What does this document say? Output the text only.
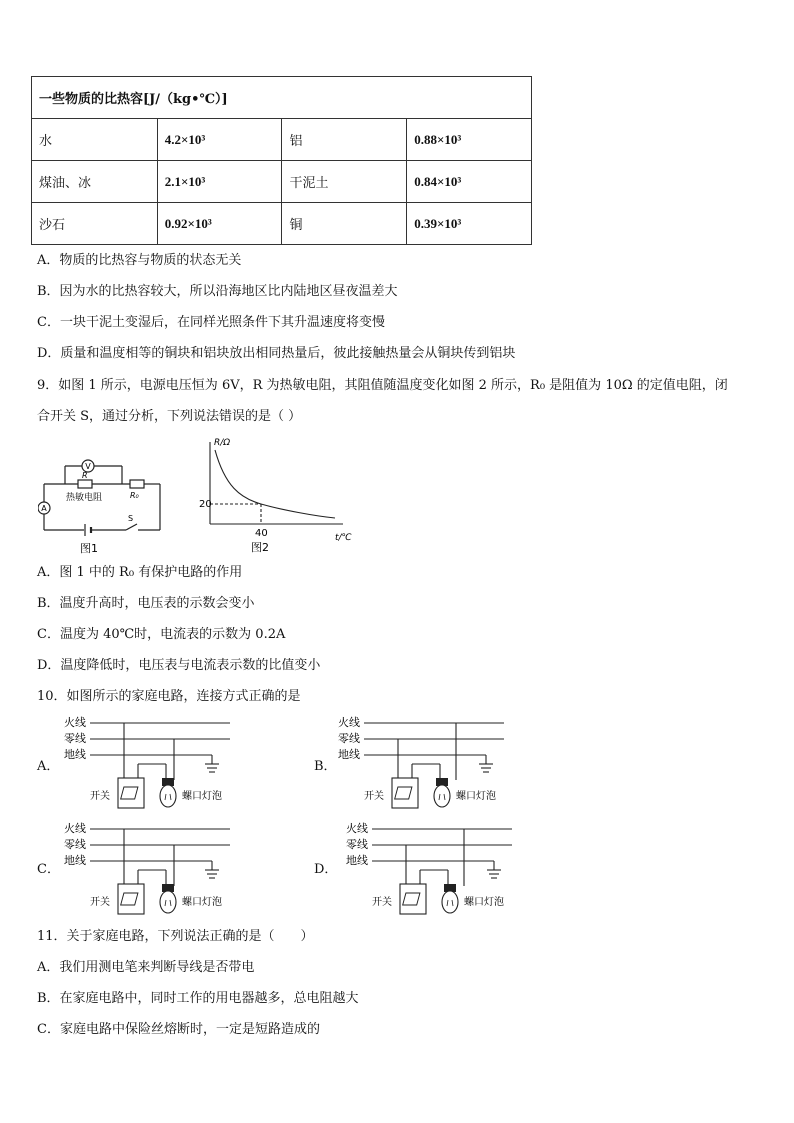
一些物质的比热容[J/（kg•℃）]			
水	4.2×10³	铝	0.88×10³
煤油、冰	2.1×10³	干泥土	0.84×10³
沙石	0.92×10³	铜	0.39×10³
A．物质的比热容与物质的状态无关
B．因为水的比热容较大，所以沿海地区比内陆地区昼夜温差大
C．一块干泥土变湿后，在同样光照条件下其升温速度将变慢
D．质量和温度相等的铜块和铝块放出相同热量后，彼此接触热量会从铜块传到铝块
9．如图 1 所示，电源电压恒为 6V，R 为热敏电阻，其阻值随温度变化如图 2 所示，R₀ 是阻值为 10Ω 的定值电阻，闭
合开关 S，通过分析，下列说法错误的是（ ）
V
R
热敏电阻	R₀
A
S
图1
R/Ω
20
40	t/℃
图2
A．图 1 中的 R₀ 有保护电路的作用
B．温度升高时，电压表的示数会变小
C．温度为 40℃时，电流表的示数为 0.2A
D．温度降低时，电压表与电流表示数的比值变小
10．如图所示的家庭电路，连接方式正确的是
A．
火线
零线
地线
开关	螺口灯泡
B．
火线
零线
地线
开关	螺口灯泡
C．
火线
零线
地线
开关	螺口灯泡
D．
火线
零线
地线
开关	螺口灯泡
11．关于家庭电路，下列说法正确的是（　　）
A．我们用测电笔来判断导线是否带电
B．在家庭电路中，同时工作的用电器越多，总电阻越大
C．家庭电路中保险丝熔断时，一定是短路造成的
